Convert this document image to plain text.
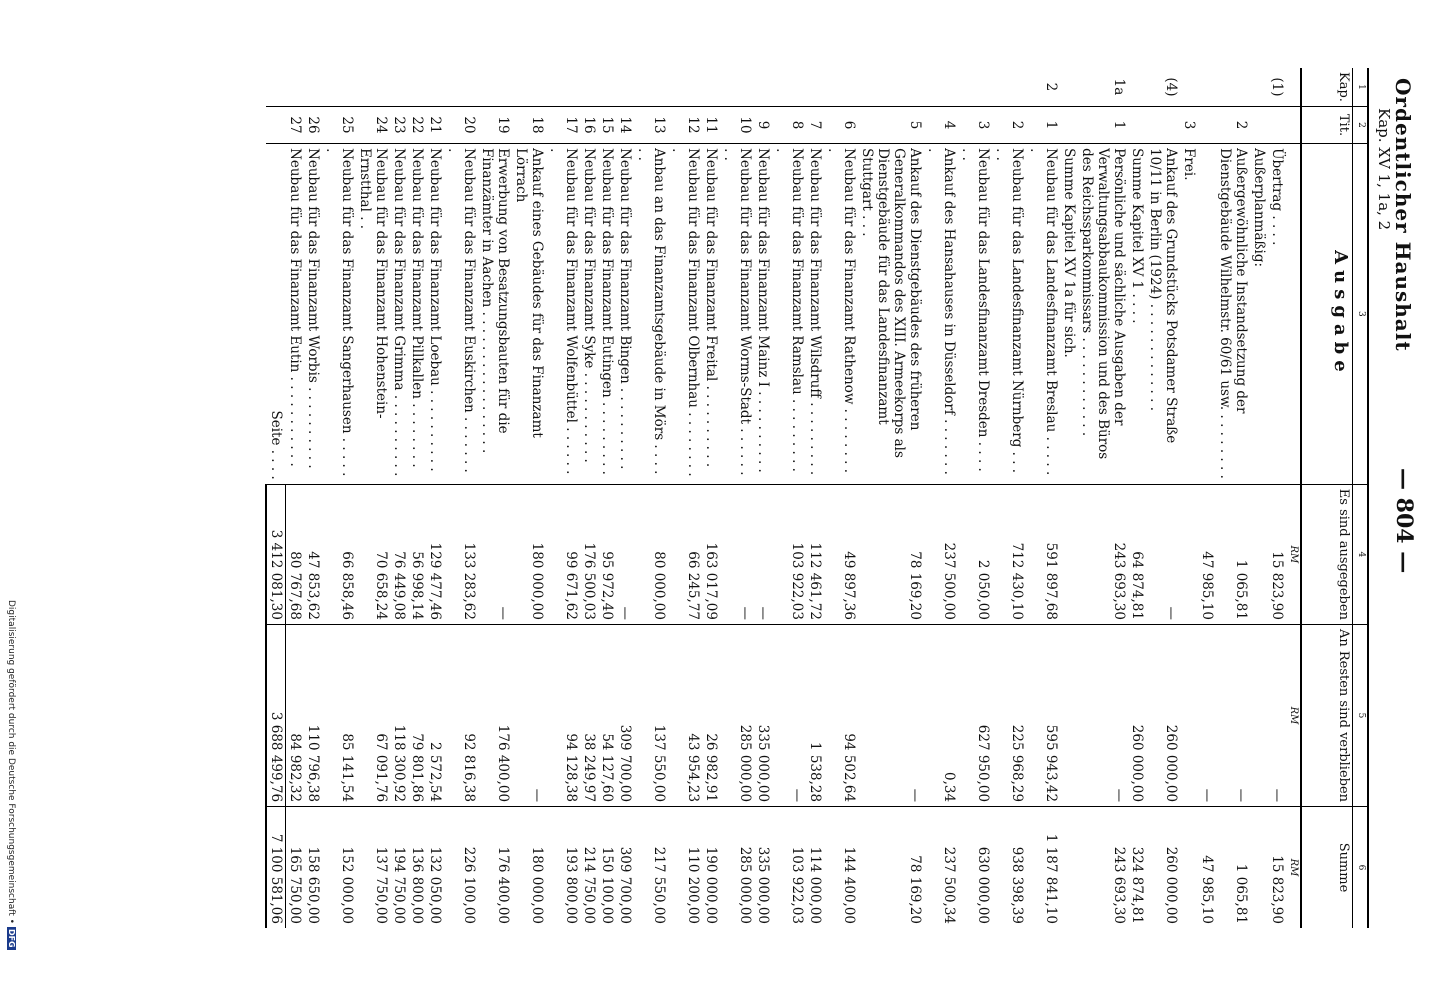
Ordentlicher Haushalt
— 804 —
Kap. XV 1, 1a, 2
1	2	3	4	5	6
Kap.	Tit.	Ausgabe	Es sind ausgegeben	An Resten sind verblieben	Summe
			RM	RM	RM
(1)		Übertrag . . . .	15 823,90	—	15 823,90
		Außerplanmäßig:			
	2	Außergewöhnliche Instandsetzung der Dienstgebäude Wilhelmstr. 60/61 usw. . . . . . . . .	1 065,81	—	1 065,81
			47 985,10	—	47 985,10
	3	Frei.			
(4)		Ankauf des Grundstücks Potsdamer Straße 10/11 in Berlin (1924) . . . . . . . . . . . . .	—	260 000,00	260 000,00
		Summe Kapitel XV 1 . . . .	64 874,81	260 000,00	324 874,81
1a	1	Persönliche und sächliche Ausgaben der Verwaltungsabbaukommission und des Büros des Reichssparkommissars . . . . . . . . . . . .	243 693,30	—	243 693,30
		Summe Kapitel XV 1a für sich.			
2	1	Neubau für das Landesfinanzamt Breslau . . . . . .	591 897,68	595 943,42	1 187 841,10
	2	Neubau für das Landesfinanzamt Nürnberg . . . . .	712 430,10	225 968,29	938 398,39
	3	Neubau für das Landesfinanzamt Dresden . . . . . .	2 050,00	627 950,00	630 000,00
	4	Ankauf des Hansahauses in Düsseldorf . . . . . . . .	237 500,00	0,34	237 500,34
	5	Ankauf des Dienstgebäudes des früheren Generalkommandos des XIII. Armeekorps als Dienstgebäude für das Landesfinanzamt Stuttgart . . .	78 169,20	—	78 169,20
	6	Neubau für das Finanzamt Rathenow . . . . . . . . .	49 897,36	94 502,64	144 400,00
	7	Neubau für das Finanzamt Wilsdruff . . . . . . . . .	112 461,72	1 538,28	114 000,00
	8	Neubau für das Finanzamt Ramslau . . . . . . . . . .	103 922,03	—	103 922,03
	9	Neubau für das Finanzamt Mainz I . . . . . . . . . .	—	335 000,00	335 000,00
	10	Neubau für das Finanzamt Worms-Stadt . . . . . . . .	—	285 000,00	285 000,00
	11	Neubau für das Finanzamt Freital . . . . . . . . . .	163 017,09	26 982,91	190 000,00
	12	Neubau für das Finanzamt Olbernhau . . . . . . . . .	66 245,77	43 954,23	110 200,00
	13	Anbau an das Finanzamtsgebäude in Mörs . . . . . .	80 000,00	137 550,00	217 550,00
	14	Neubau für das Finanzamt Bingen . . . . . . . . . .	—	309 700,00	309 700,00
	15	Neubau für das Finanzamt Eutingen . . . . . . . . .	95 972,40	54 127,60	150 100,00
	16	Neubau für das Finanzamt Syke . . . . . . . . . . .	176 500,03	38 249,97	214 750,00
	17	Neubau für das Finanzamt Wolfenbüttel . . . . . . .	99 671,62	94 128,38	193 800,00
	18	Ankauf eines Gebäudes für das Finanzamt Lörrach	180 000,00	—	180 000,00
	19	Erwerbung von Besatzungsbauten für die Finanzämter in Aachen . . . . . . . . . . . . . . . . .	—	176 400,00	176 400,00
	20	Neubau für das Finanzamt Euskirchen . . . . . . . .	133 283,62	92 816,38	226 100,00
	21	Neubau für das Finanzamt Loebau . . . . . . . . . .	129 477,46	2 572,54	132 050,00
	22	Neubau für das Finanzamt Pillkallen . . . . . . . .	56 998,14	79 801,86	136 800,00
	23	Neubau für das Finanzamt Grimma . . . . . . . . . .	76 449,08	118 300,92	194 750,00
	24	Neubau für das Finanzamt Hohenstein-Ernstthal . .	70 658,24	67 091,76	137 750,00
	25	Neubau für das Finanzamt Sangerhausen . . . . . .	66 858,46	85 141,54	152 000,00
	26	Neubau für das Finanzamt Worbis . . . . . . . . . .	47 853,62	110 796,38	158 650,00
	27	Neubau für das Finanzamt Eutin . . . . . . . . . . .	80 767,68	84 982,32	165 750,00
		Seite . . . .	3 412 081,30	3 688 499,76	7 100 581,06
Digitalisierung gefördert durch die Deutsche Forschungsgemeinschaft •DFG
